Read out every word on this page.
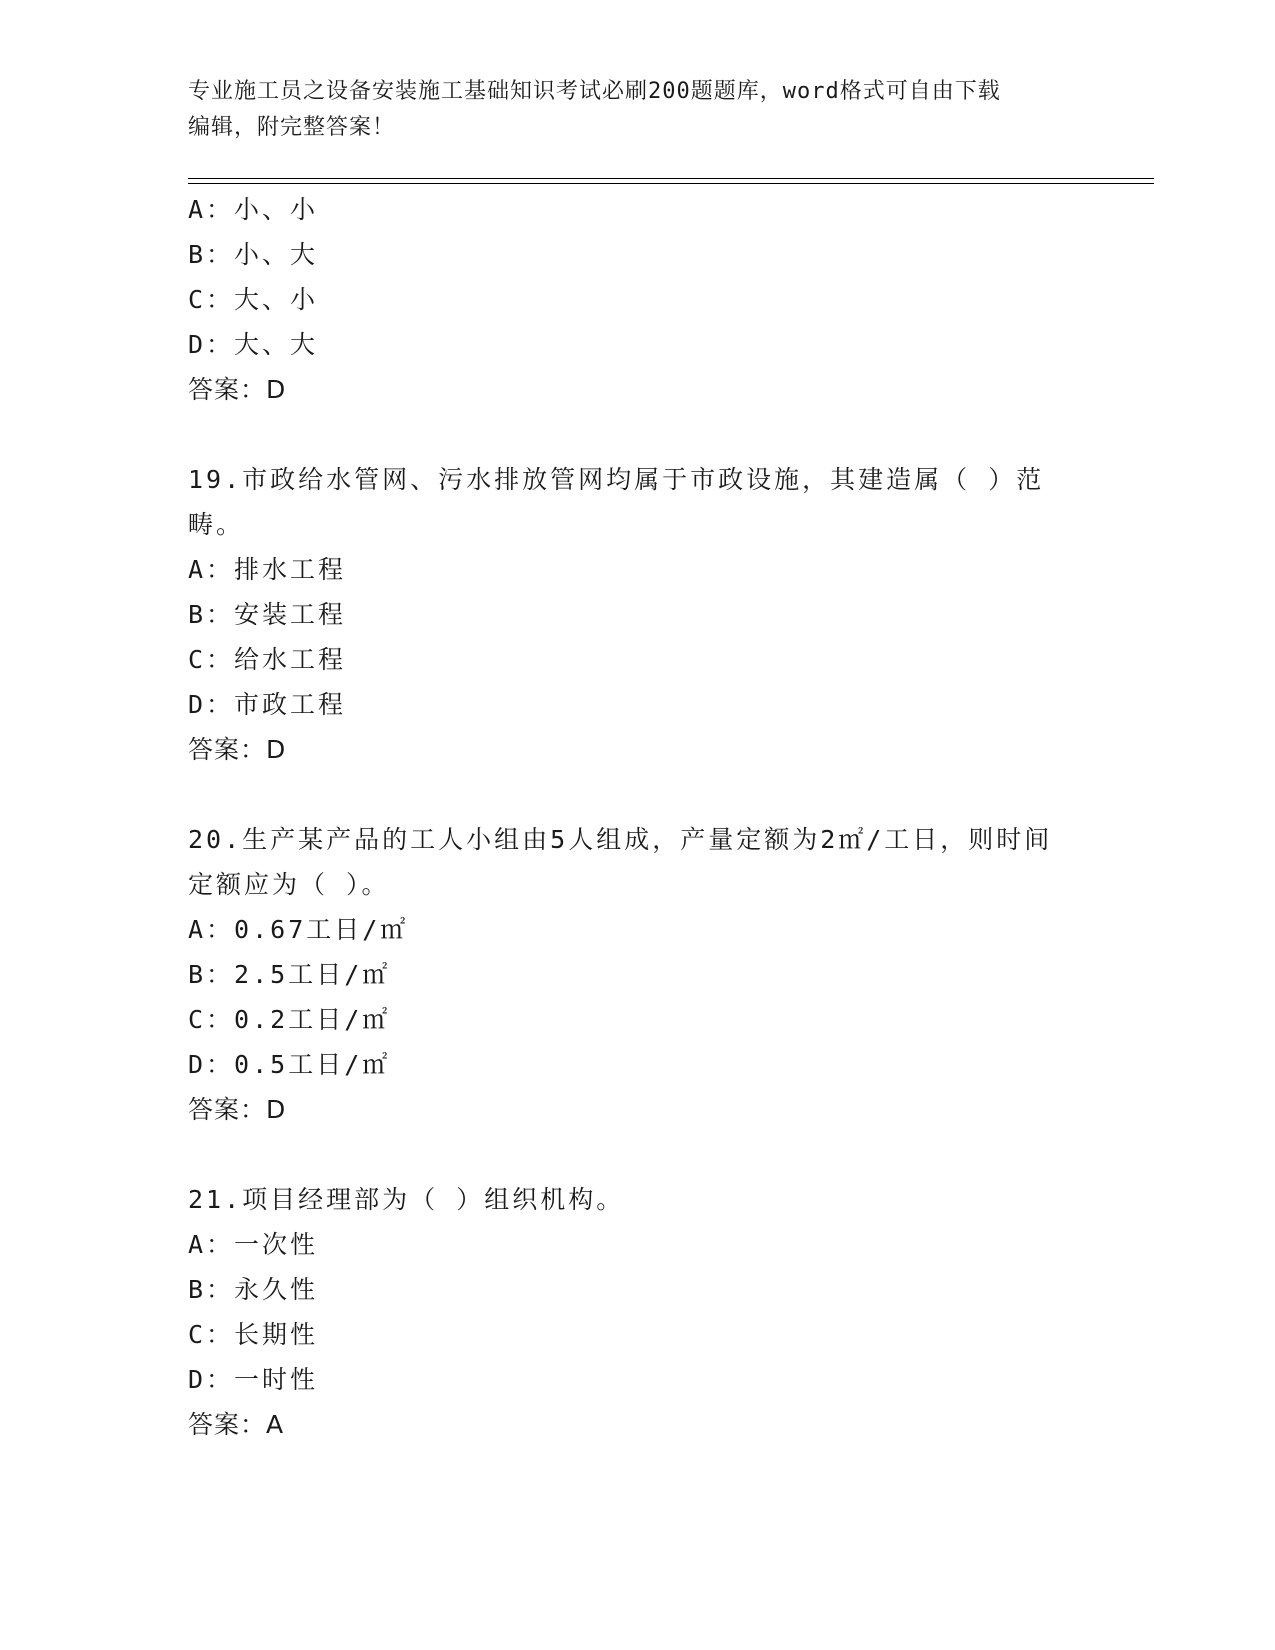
专业施工员之设备安装施工基础知识考试必刷200题题库，word格式可自由下载
编辑，附完整答案！
A：小、小
B：小、大
C：大、小
D：大、大
答案：D
19.市政给水管网、污水排放管网均属于市政设施，其建造属（ ）范
畴。
A：排水工程
B：安装工程
C：给水工程
D：市政工程
答案：D
20.生产某产品的工人小组由5人组成，产量定额为2㎡/工日，则时间
定额应为（ ）。
A：0.67工日/㎡
B：2.5工日/㎡
C：0.2工日/㎡
D：0.5工日/㎡
答案：D
21.项目经理部为（ ）组织机构。
A：一次性
B：永久性
C：长期性
D：一时性
答案：A
